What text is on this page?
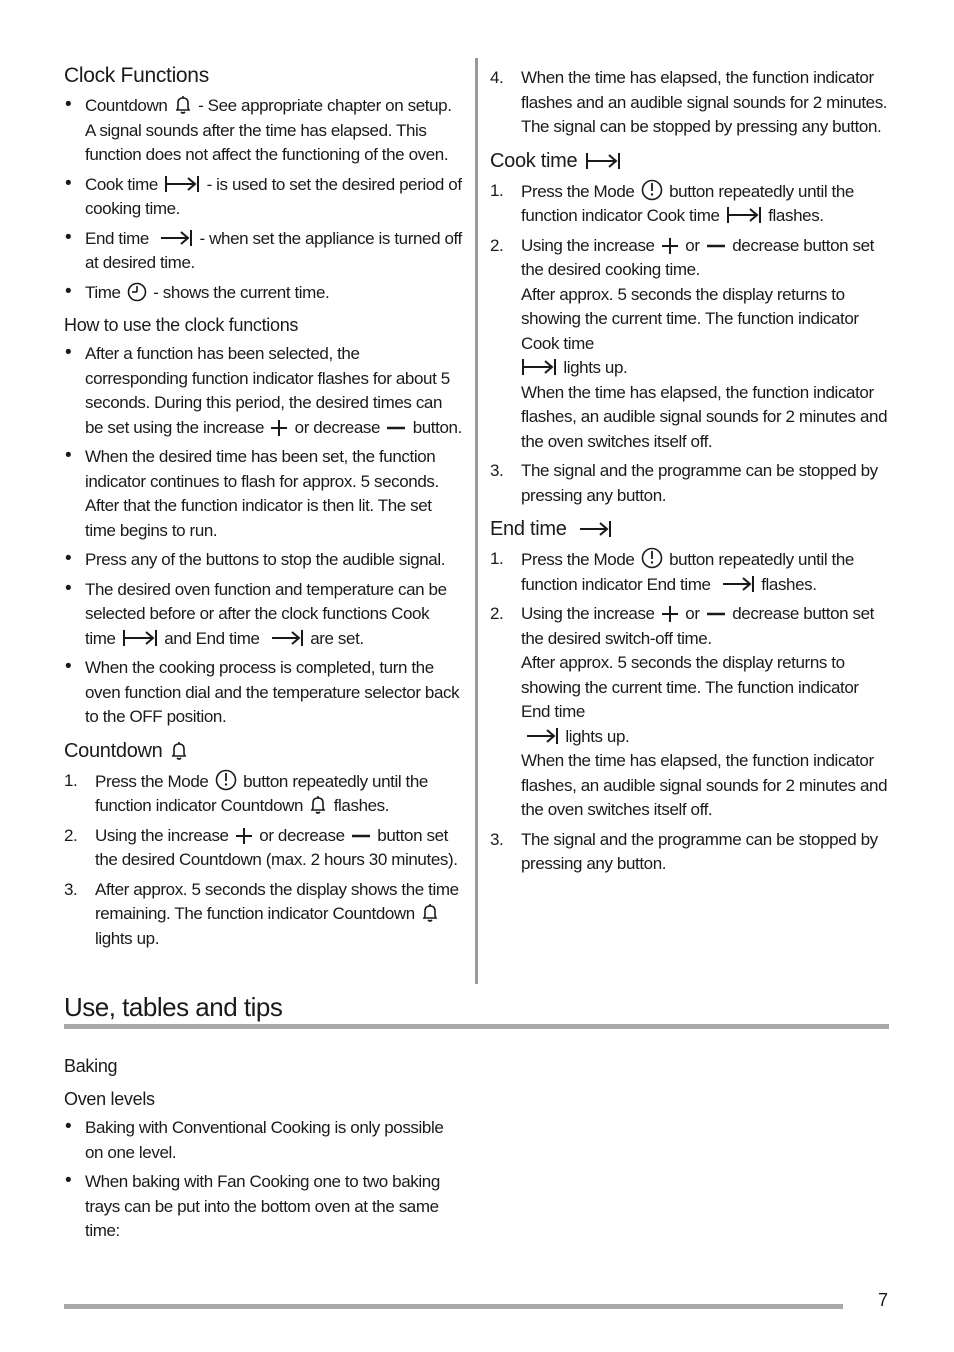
Clock Functions
• Countdown - See appropriate chapter on setup. A signal sounds after the time has elapsed. This function does not affect the functioning of the oven.
• Cook time	- is used to set the desired period of cooking time.
• End time	- when set the appliance is turned off at desired time.
• Time - shows the current time.
How to use the clock functions
• After a function has been selected, the corresponding function indicator flashes for about 5 seconds. During this period, the desired times can be set using the increase or decrease button.
• When the desired time has been set, the function indicator continues to flash for approx. 5 seconds. After that the function indicator is then lit. The set time begins to run.
• Press any of the buttons to stop the audible signal.
• The desired oven function and temperature can be selected before or after the clock functions Cook time	and End time	are set.
• When the cooking process is completed, turn the oven function dial and the temperature selector back to the OFF position.
Countdown
1. Press the Mode button repeatedly until the function indicator Countdown flashes.
2. Using the increase or decrease button set the desired Countdown (max. 2 hours 30 minutes).
3. After approx. 5 seconds the display shows the time remaining. The function indicator Countdown  lights up.
4. When the time has elapsed, the function indicator flashes and an audible signal sounds for 2 minutes. The signal can be stopped by pressing any button.
Cook time
1. Press the Mode button repeatedly until the function indicator Cook time	flashes.
2. Using the increase or decrease button set the desired cooking time.
After approx. 5 seconds the display returns to showing the current time. The function indicator Cook time
lights up.
When the time has elapsed, the function indicator flashes, an audible signal sounds for 2 minutes and the oven switches itself off.
3. The signal and the programme can be stopped by pressing any button.
End time
1. Press the Mode button repeatedly until the function indicator End time	flashes.
2. Using the increase or decrease button set the desired switch-off time.
After approx. 5 seconds the display returns to showing the current time. The function indicator End time
lights up.
When the time has elapsed, the function indicator flashes, an audible signal sounds for 2 minutes and the oven switches itself off.
3. The signal and the programme can be stopped by pressing any button.
Use, tables and tips
Baking
Oven levels
• Baking with Conventional Cooking is only possible on one level.
• When baking with Fan Cooking one to two baking trays can be put into the bottom oven at the same time:
7
